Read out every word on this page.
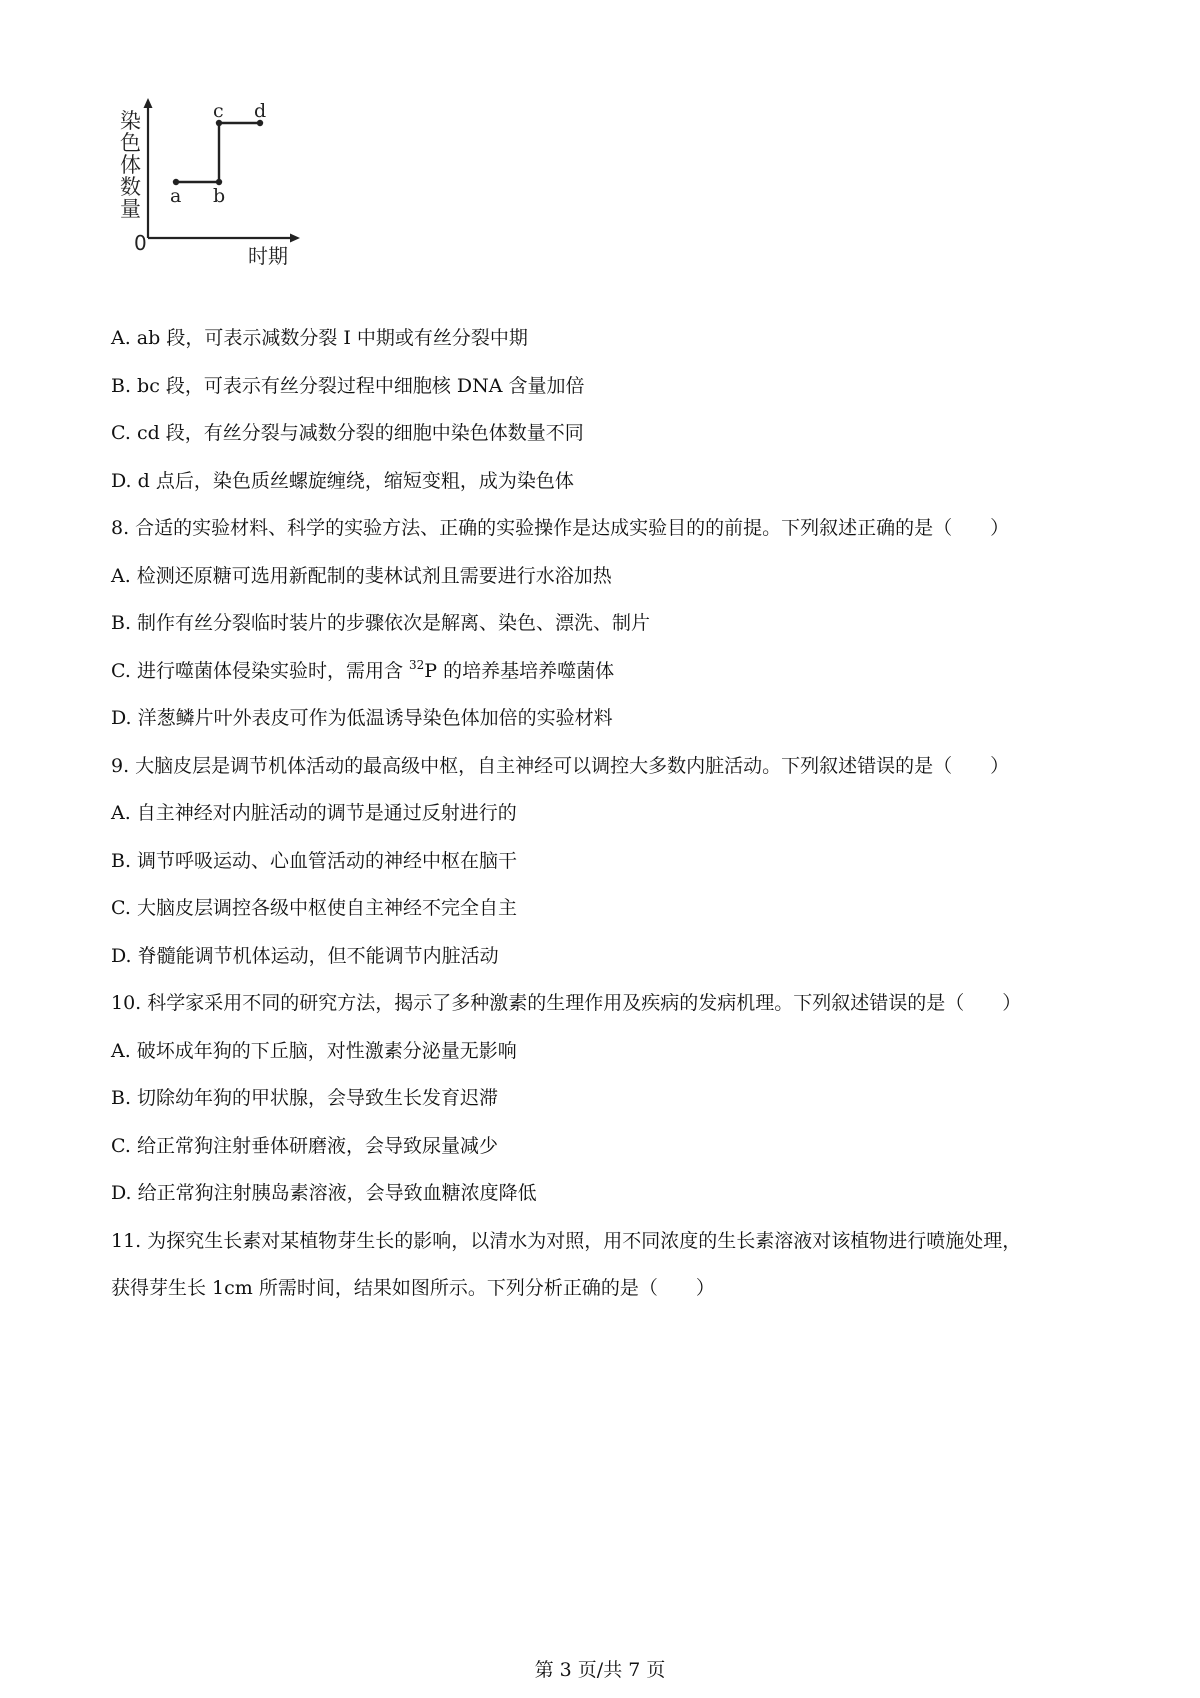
染
色
体
数
量
0
时期
a b
c d
A. ab 段，可表示减数分裂 I 中期或有丝分裂中期
B. bc 段，可表示有丝分裂过程中细胞核 DNA 含量加倍
C. cd 段，有丝分裂与减数分裂的细胞中染色体数量不同
D. d 点后，染色质丝螺旋缠绕，缩短变粗，成为染色体
8. 合适的实验材料、科学的实验方法、正确的实验操作是达成实验目的的前提。下列叙述正确的是（　　）
A. 检测还原糖可选用新配制的斐林试剂且需要进行水浴加热
B. 制作有丝分裂临时装片的步骤依次是解离、染色、漂洗、制片
C. 进行噬菌体侵染实验时，需用含 $^{32}$P 的培养基培养噬菌体
D. 洋葱鳞片叶外表皮可作为低温诱导染色体加倍的实验材料
9. 大脑皮层是调节机体活动的最高级中枢，自主神经可以调控大多数内脏活动。下列叙述错误的是（　　）
A. 自主神经对内脏活动的调节是通过反射进行的
B. 调节呼吸运动、心血管活动的神经中枢在脑干
C. 大脑皮层调控各级中枢使自主神经不完全自主
D. 脊髓能调节机体运动，但不能调节内脏活动
10. 科学家采用不同的研究方法，揭示了多种激素的生理作用及疾病的发病机理。下列叙述错误的是（　　）
A. 破坏成年狗的下丘脑，对性激素分泌量无影响
B. 切除幼年狗的甲状腺，会导致生长发育迟滞
C. 给正常狗注射垂体研磨液，会导致尿量减少
D. 给正常狗注射胰岛素溶液，会导致血糖浓度降低
11. 为探究生长素对某植物芽生长的影响，以清水为对照，用不同浓度的生长素溶液对该植物进行喷施处理，
获得芽生长 1cm 所需时间，结果如图所示。下列分析正确的是（　　）
第 3 页/共 7 页
